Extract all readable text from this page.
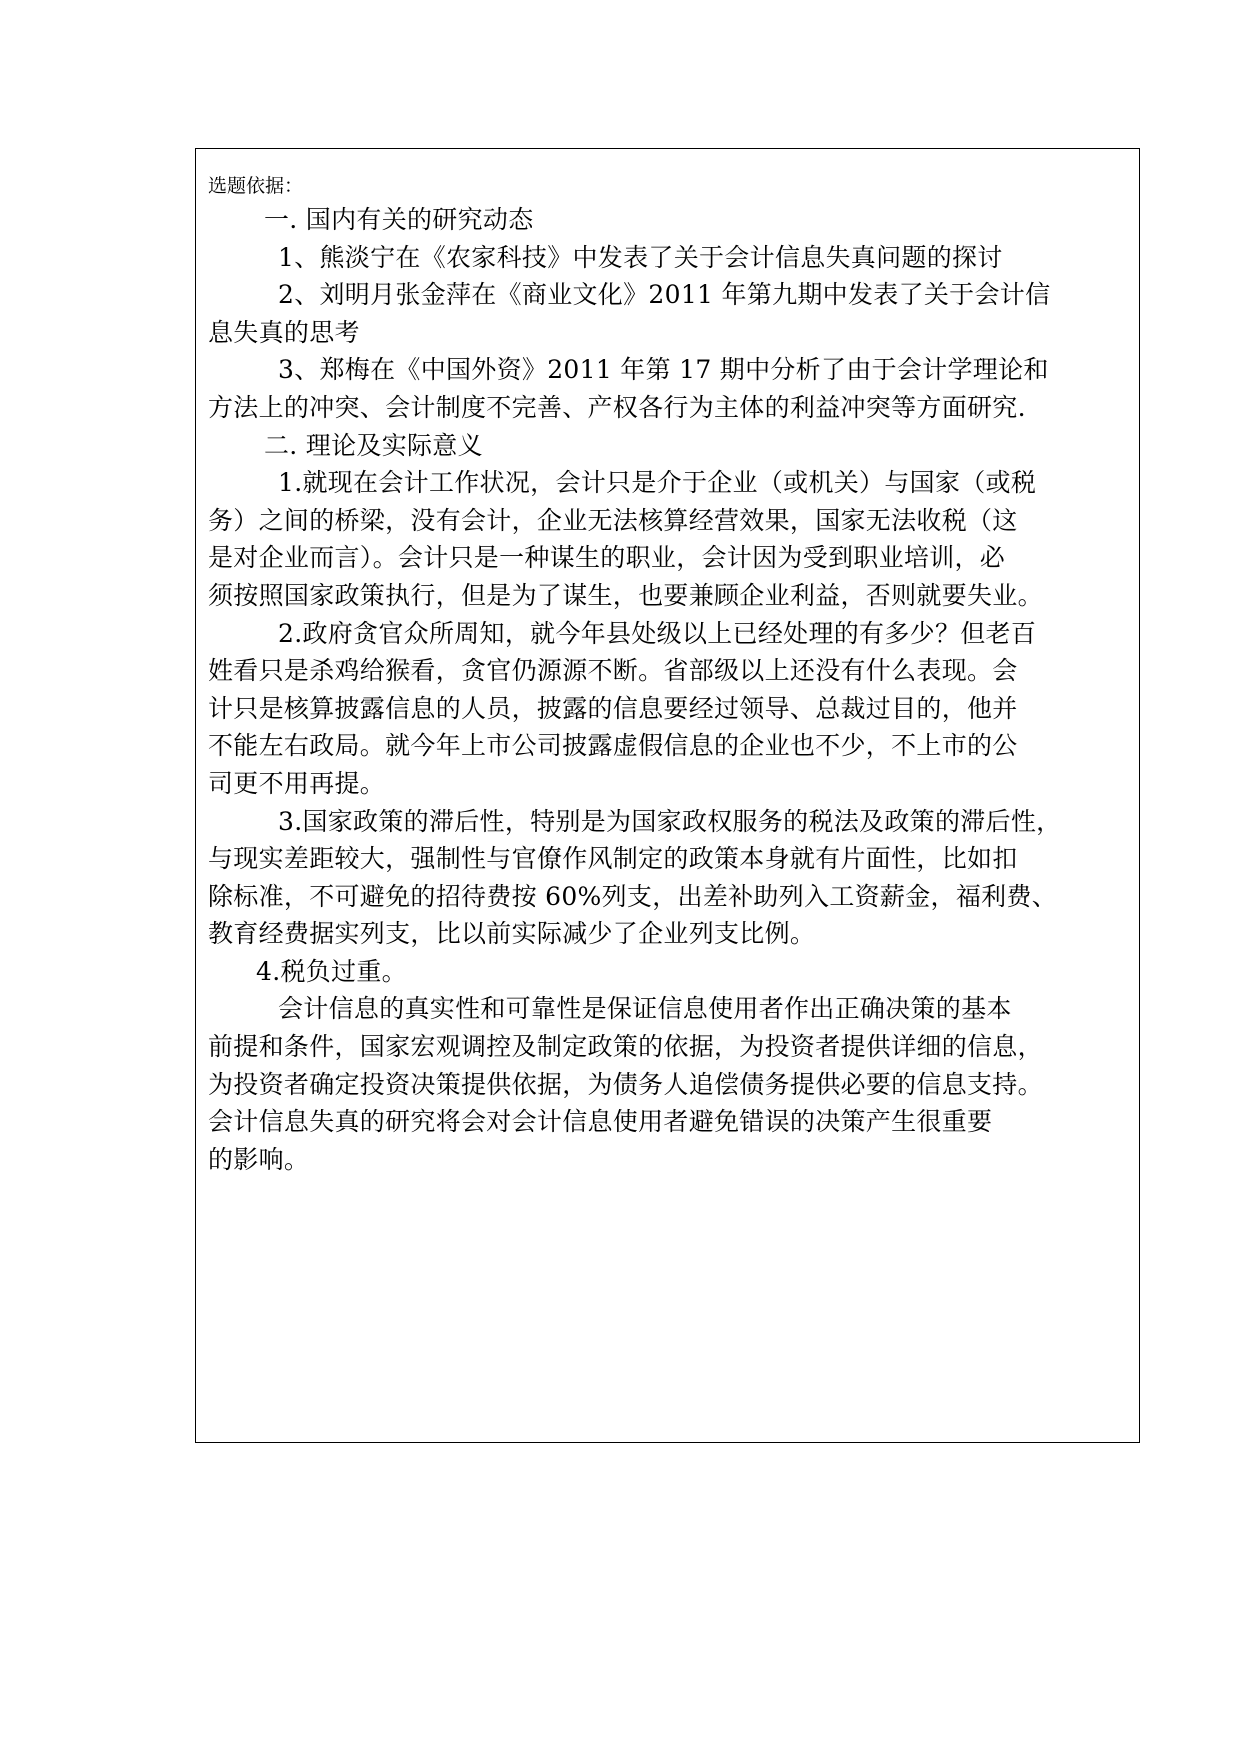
选题依据：
一. 国内有关的研究动态
1、熊淡宁在《农家科技》中发表了关于会计信息失真问题的探讨
2、刘明月张金萍在《商业文化》2011 年第九期中发表了关于会计信
息失真的思考
3、郑梅在《中国外资》2011 年第 17 期中分析了由于会计学理论和
方法上的冲突、会计制度不完善、产权各行为主体的利益冲突等方面研究.
二. 理论及实际意义
1.就现在会计工作状况，会计只是介于企业（或机关）与国家（或税
务）之间的桥梁，没有会计，企业无法核算经营效果，国家无法收税（这
是对企业而言）。会计只是一种谋生的职业，会计因为受到职业培训，必
须按照国家政策执行，但是为了谋生，也要兼顾企业利益，否则就要失业。
2.政府贪官众所周知，就今年县处级以上已经处理的有多少？但老百
姓看只是杀鸡给猴看，贪官仍源源不断。省部级以上还没有什么表现。会
计只是核算披露信息的人员，披露的信息要经过领导、总裁过目的，他并
不能左右政局。就今年上市公司披露虚假信息的企业也不少，不上市的公
司更不用再提。
3.国家政策的滞后性，特别是为国家政权服务的税法及政策的滞后性，
与现实差距较大，强制性与官僚作风制定的政策本身就有片面性，比如扣
除标准，不可避免的招待费按 60%列支，出差补助列入工资薪金，福利费、
教育经费据实列支，比以前实际减少了企业列支比例。
4.税负过重。
会计信息的真实性和可靠性是保证信息使用者作出正确决策的基本
前提和条件，国家宏观调控及制定政策的依据，为投资者提供详细的信息，
为投资者确定投资决策提供依据，为债务人追偿债务提供必要的信息支持。
会计信息失真的研究将会对会计信息使用者避免错误的决策产生很重要
的影响。
